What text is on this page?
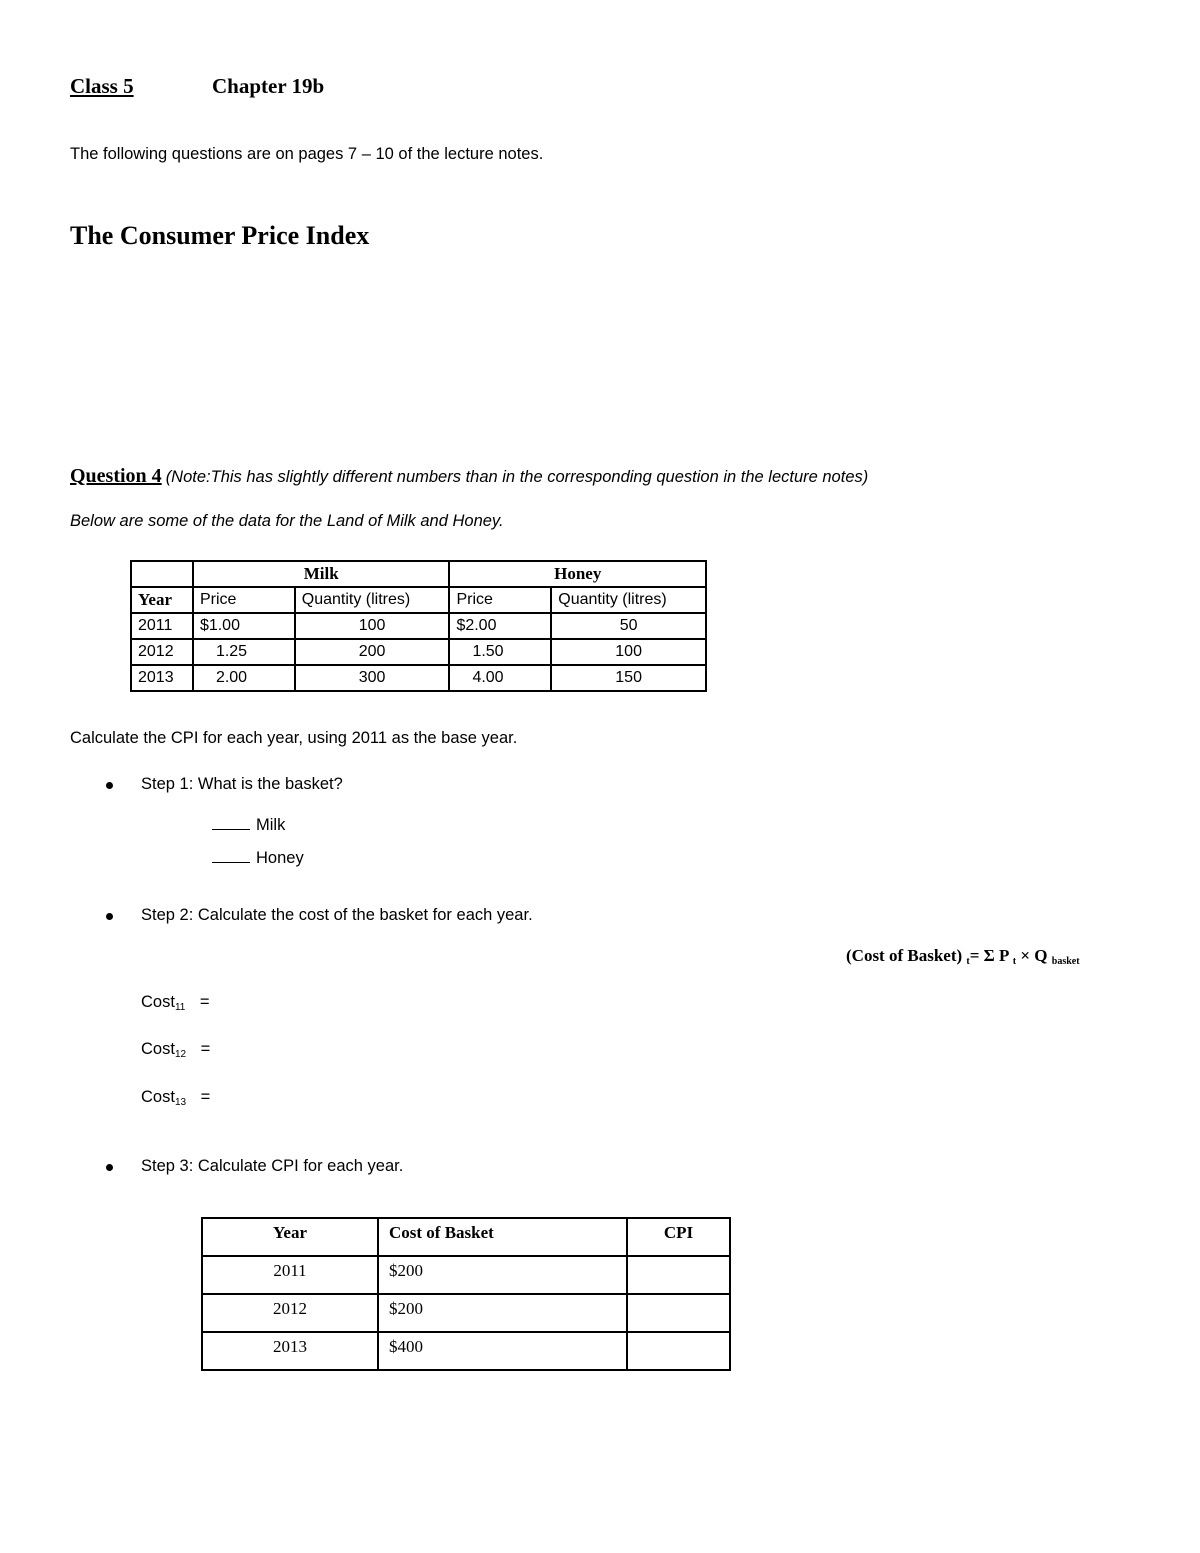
Class 5	Chapter 19b
The following questions are on pages 7 – 10 of the lecture notes.
The Consumer Price Index
Question 4 (Note:This has slightly different numbers than in the corresponding question in the lecture notes)
Below are some of the data for the Land of Milk and Honey.
	Milk		Honey	
Year	Price	Quantity (litres)	Price	Quantity (litres)
2011	$1.00	100	$2.00	50
2012	1.25	200	1.50	100
2013	2.00	300	4.00	150
Calculate the CPI for each year, using 2011 as the base year.
Step 1: What is the basket?
Milk
Honey
Step 2: Calculate the cost of the basket for each year.
(Cost of Basket) $_t$= Σ P $_t$ × Q $_{basket}$
Cost$_{11}$ =
Cost$_{12}$ =
Cost$_{13}$ =
Step 3: Calculate CPI for each year.
Year	Cost of Basket	CPI
2011	$200	
2012	$200	
2013	$400	
